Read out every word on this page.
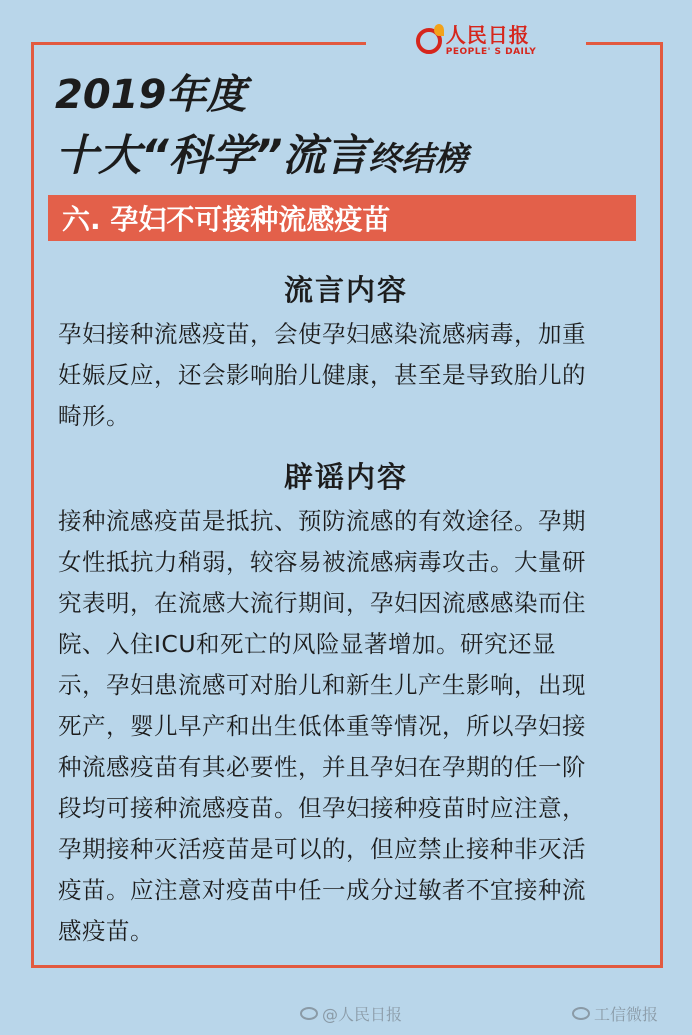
人民日报
PEOPLE' S DAILY
2019年度
十大“科学”流言终结榜
六. 孕妇不可接种流感疫苗
流言内容
孕妇接种流感疫苗，会使孕妇感染流感病毒，加重
妊娠反应，还会影响胎儿健康，甚至是导致胎儿的
畸形。
辟谣内容
接种流感疫苗是抵抗、预防流感的有效途径。孕期
女性抵抗力稍弱，较容易被流感病毒攻击。大量研
究表明，在流感大流行期间，孕妇因流感感染而住
院、入住ICU和死亡的风险显著增加。研究还显
示，孕妇患流感可对胎儿和新生儿产生影响，出现
死产，婴儿早产和出生低体重等情况，所以孕妇接
种流感疫苗有其必要性，并且孕妇在孕期的任一阶
段均可接种流感疫苗。但孕妇接种疫苗时应注意，
孕期接种灭活疫苗是可以的，但应禁止接种非灭活
疫苗。应注意对疫苗中任一成分过敏者不宜接种流
感疫苗。
@人民日报	工信微报
